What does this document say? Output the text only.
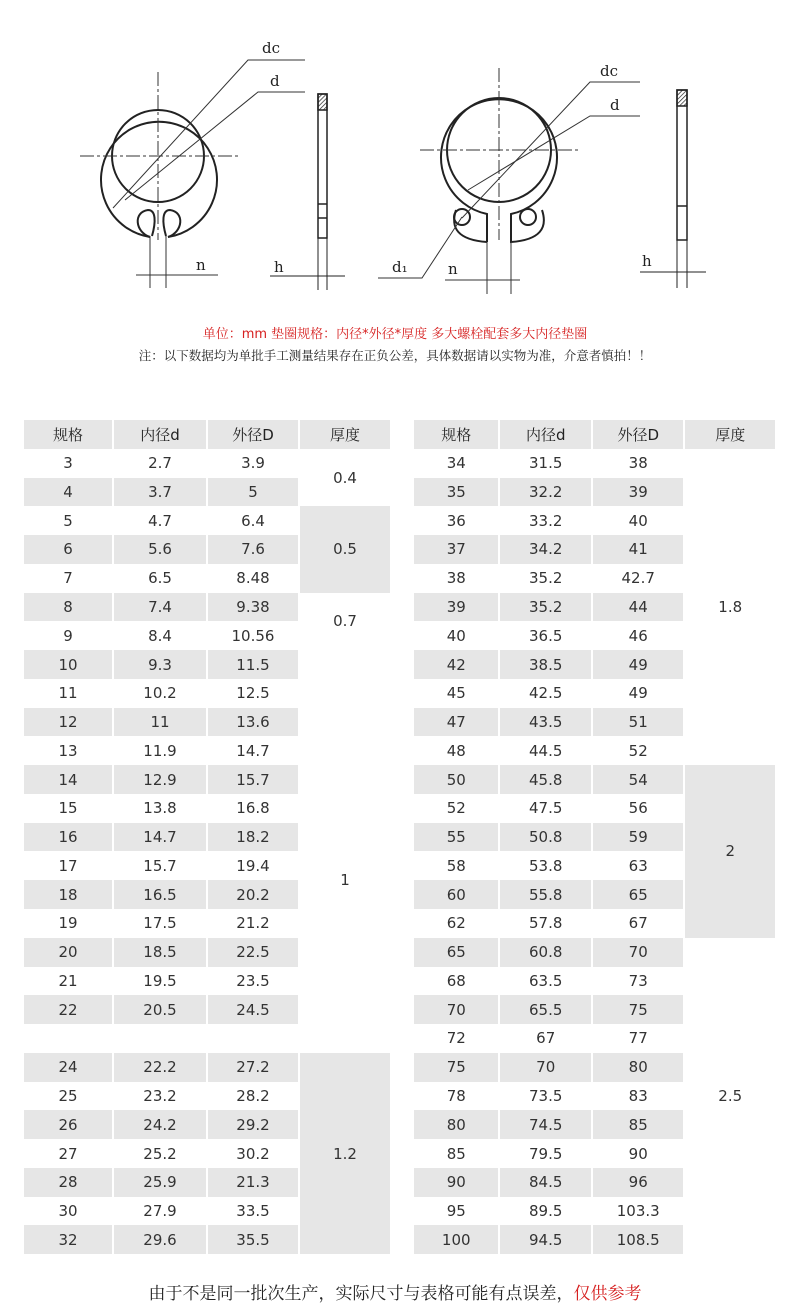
dc
d
n	h
dc
d
d₁	n	h
单位：mm 垫圈规格：内径*外径*厚度 多大螺栓配套多大内径垫圈
注：以下数据均为单批手工测量结果存在正负公差，具体数据请以实物为准，介意者慎拍！！
规格	内径d	外径D	厚度
3	2.7	3.9	0.4
4	3.7	5	
5	4.7	6.4	0.5
6	5.6	7.6	
7	6.5	8.48	
8	7.4	9.38	0.7
9	8.4	10.56	
10	9.3	11.5	
11	10.2	12.5	
12	11	13.6	1
13	11.9	14.7	
14	12.9	15.7	
15	13.8	16.8	
16	14.7	18.2	
17	15.7	19.4	
18	16.5	20.2	
19	17.5	21.2	
20	18.5	22.5	
21	19.5	23.5	
22	20.5	24.5	

24	22.2	27.2	1.2
25	23.2	28.2	
26	24.2	29.2	
27	25.2	30.2	
28	25.9	21.3	
30	27.9	33.5	
32	29.6	35.5	
规格	内径d	外径D	厚度
34	31.5	38	1.8
35	32.2	39	
36	33.2	40	
37	34.2	41	
38	35.2	42.7	
39	35.2	44	
40	36.5	46	
42	38.5	49	
45	42.5	49	
47	43.5	51	
48	44.5	52	
50	45.8	54	2
52	47.5	56	
55	50.8	59	
58	53.8	63	
60	55.8	65	
62	57.8	67	
65	60.8	70	2.5
68	63.5	73	
70	65.5	75	
72	67	77	
75	70	80	
78	73.5	83	
80	74.5	85	
85	79.5	90	
90	84.5	96	
95	89.5	103.3	
100	94.5	108.5	
由于不是同一批次生产，实际尺寸与表格可能有点误差，仅供参考
